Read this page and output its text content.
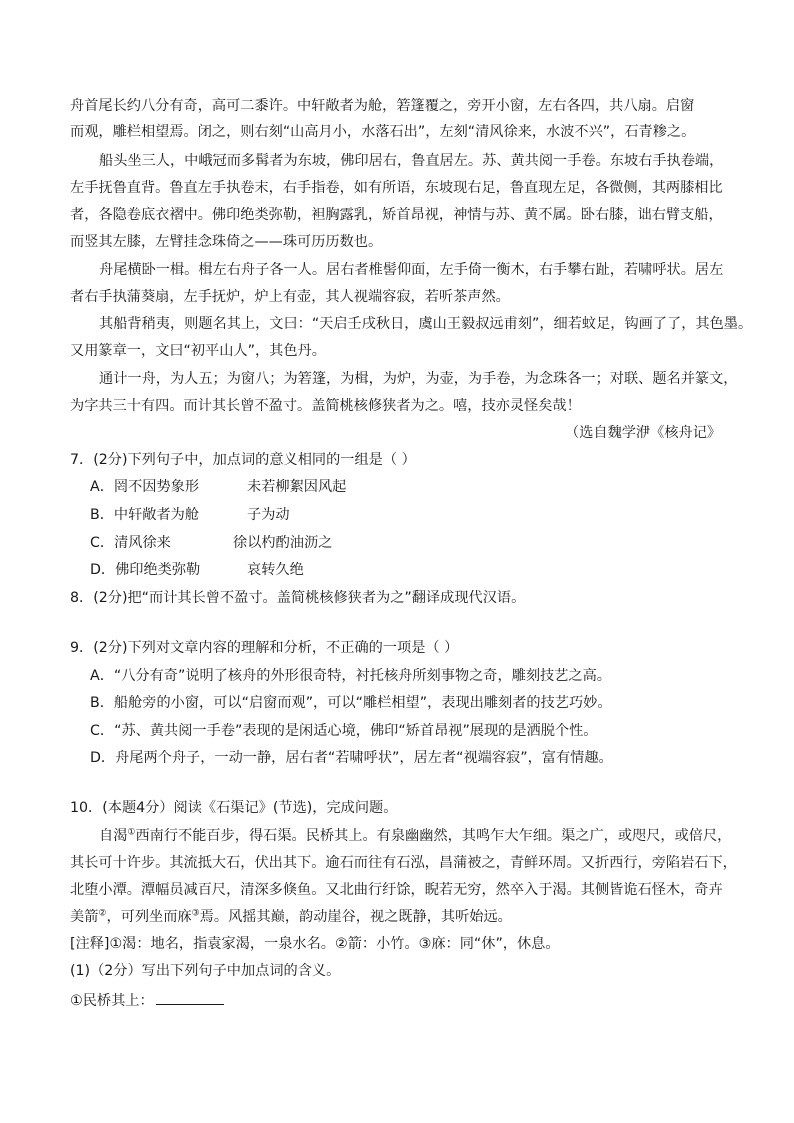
舟首尾长约八分有奇，高可二黍许。中轩敞者为舱，箬篷覆之，旁开小窗，左右各四，共八扇。启窗
而观，雕栏相望焉。闭之，则右刻“山高月小，水落石出”，左刻“清风徐来，水波不兴”，石青糁之。
船头坐三人，中峨冠而多髯者为东坡，佛印居右，鲁直居左。苏、黄共阅一手卷。东坡右手执卷端，
左手抚鲁直背。鲁直左手执卷末，右手指卷，如有所语，东坡现右足，鲁直现左足，各微侧，其两膝相比
者，各隐卷底衣褶中。佛印绝类弥勒，袒胸露乳，矫首昂视，神情与苏、黄不属。卧右膝，诎右臂支船，
而竖其左膝，左臂挂念珠倚之——珠可历历数也。
舟尾横卧一楫。楫左右舟子各一人。居右者椎髻仰面，左手倚一衡木，右手攀右趾，若啸呼状。居左
者右手执蒲葵扇，左手抚炉，炉上有壶，其人视端容寂，若听茶声然。
其船背稍夷，则题名其上，文曰：“天启壬戌秋日，虞山王毅叔远甫刻”，细若蚊足，钩画了了，其色墨。
又用篆章一，文曰“初平山人”，其色丹。
通计一舟，为人五；为窗八；为箬篷，为楫，为炉，为壶，为手卷，为念珠各一；对联、题名并篆文，
为字共三十有四。而计其长曾不盈寸。盖简桃核修狭者为之。嘻，技亦灵怪矣哉！
（选自魏学洢《核舟记》
7．(2分)下列句子中，加点词的意义相同的一组是（ ）
A．罔不因势象形	未若柳絮因风起
B．中轩敞者为舱	子为动
C．清风徐来	徐以杓酌油沥之
D．佛印绝类弥勒	哀转久绝
8．(2分)把“而计其长曾不盈寸。盖简桃核修狭者为之”翻译成现代汉语。
9．(2分)下列对文章内容的理解和分析，不正确的一项是（ ）
A．“八分有奇”说明了核舟的外形很奇特，衬托核舟所刻事物之奇，雕刻技艺之高。
B．船舱旁的小窗，可以“启窗而观”，可以“雕栏相望”，表现出雕刻者的技艺巧妙。
C．“苏、黄共阅一手卷”表现的是闲适心境，佛印“矫首昂视”展现的是洒脱个性。
D．舟尾两个舟子，一动一静，居右者“若啸呼状”，居左者“视端容寂”，富有情趣。
10．(本题4分）阅读《石渠记》(节选)，完成问题。
自渴①西南行不能百步，得石渠。民桥其上。有泉幽幽然，其鸣乍大乍细。渠之广，或咫尺，或倍尺，
其长可十许步。其流抵大石，伏出其下。逾石而往有石泓，昌蒲被之，青鲜环周。又折西行，旁陷岩石下，
北堕小潭。潭幅员减百尺，清深多倏鱼。又北曲行纡馀，睨若无穷，然卒入于渴。其侧皆诡石怪木，奇卉
美箭②，可列坐而庥③焉。风摇其巅，韵动崖谷，视之既静，其听始远。
[注释]①渴：地名，指袁家渴，一泉水名。②箭：小竹。③庥：同“休”，休息。
(1)（2分）写出下列句子中加点词的含义。
①民桥其上：
